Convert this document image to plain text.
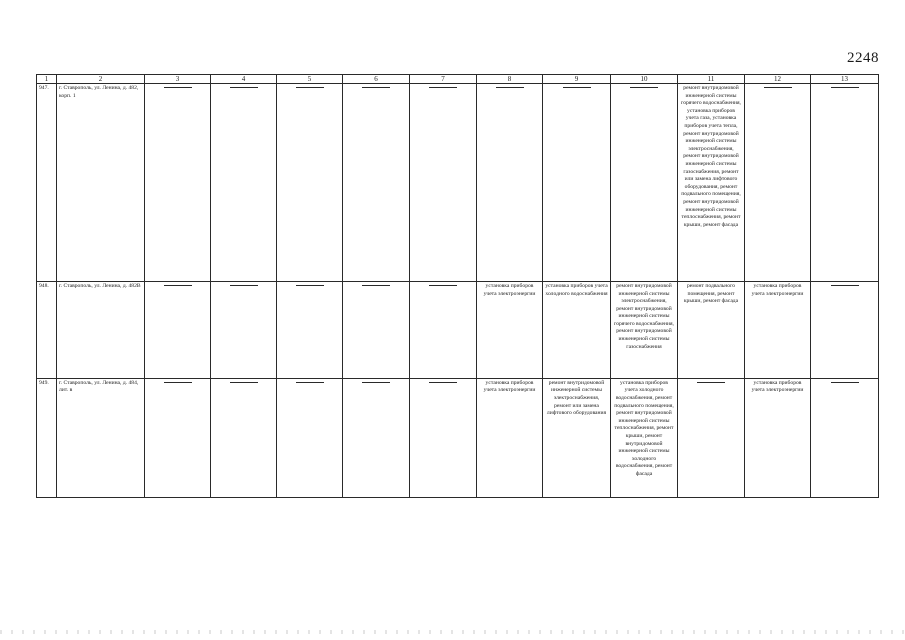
2248
1	2	3	4	5	6	7	8	9	10	11	12	13
947.	г. Ставрополь, ул. Ленина, д. 482, корп. 1									ремонт внутридомовой инженерной системы горячего водоснабжения, установка приборов учета газа, установка приборов учета тепла, ремонт внутридомовой инженерной системы электроснабжения, ремонт внутридомовой инженерной системы газоснабжения, ремонт или замена лифтового оборудования, ремонт подвального помещения, ремонт внутридомовой инженерной системы теплоснабжения, ремонт крыши, ремонт фасада		
948.	г. Ставрополь, ул. Ленина, д. 482В						установка приборов учета электроэнергии	установка приборов учета холодного водоснабжения	ремонт внутридомовой инженерной системы электроснабжения, ремонт внутридомовой инженерной системы горячего водоснабжения, ремонт внутридомовой инженерной системы газоснабжения	ремонт подвального помещения, ремонт крыши, ремонт фасада	установка приборов учета электроэнергии	
949.	г. Ставрополь, ул. Ленина, д. 484, лит. в						установка приборов учета электроэнергии	ремонт внутридомовой инженерной системы электроснабжения, ремонт или замена лифтового оборудования	установка приборов учета холодного водоснабжения, ремонт подвального помещения, ремонт внутридомовой инженерной системы теплоснабжения, ремонт крыши, ремонт внутридомовой инженерной системы холодного водоснабжения, ремонт фасада		установка приборов учета электроэнергии	
